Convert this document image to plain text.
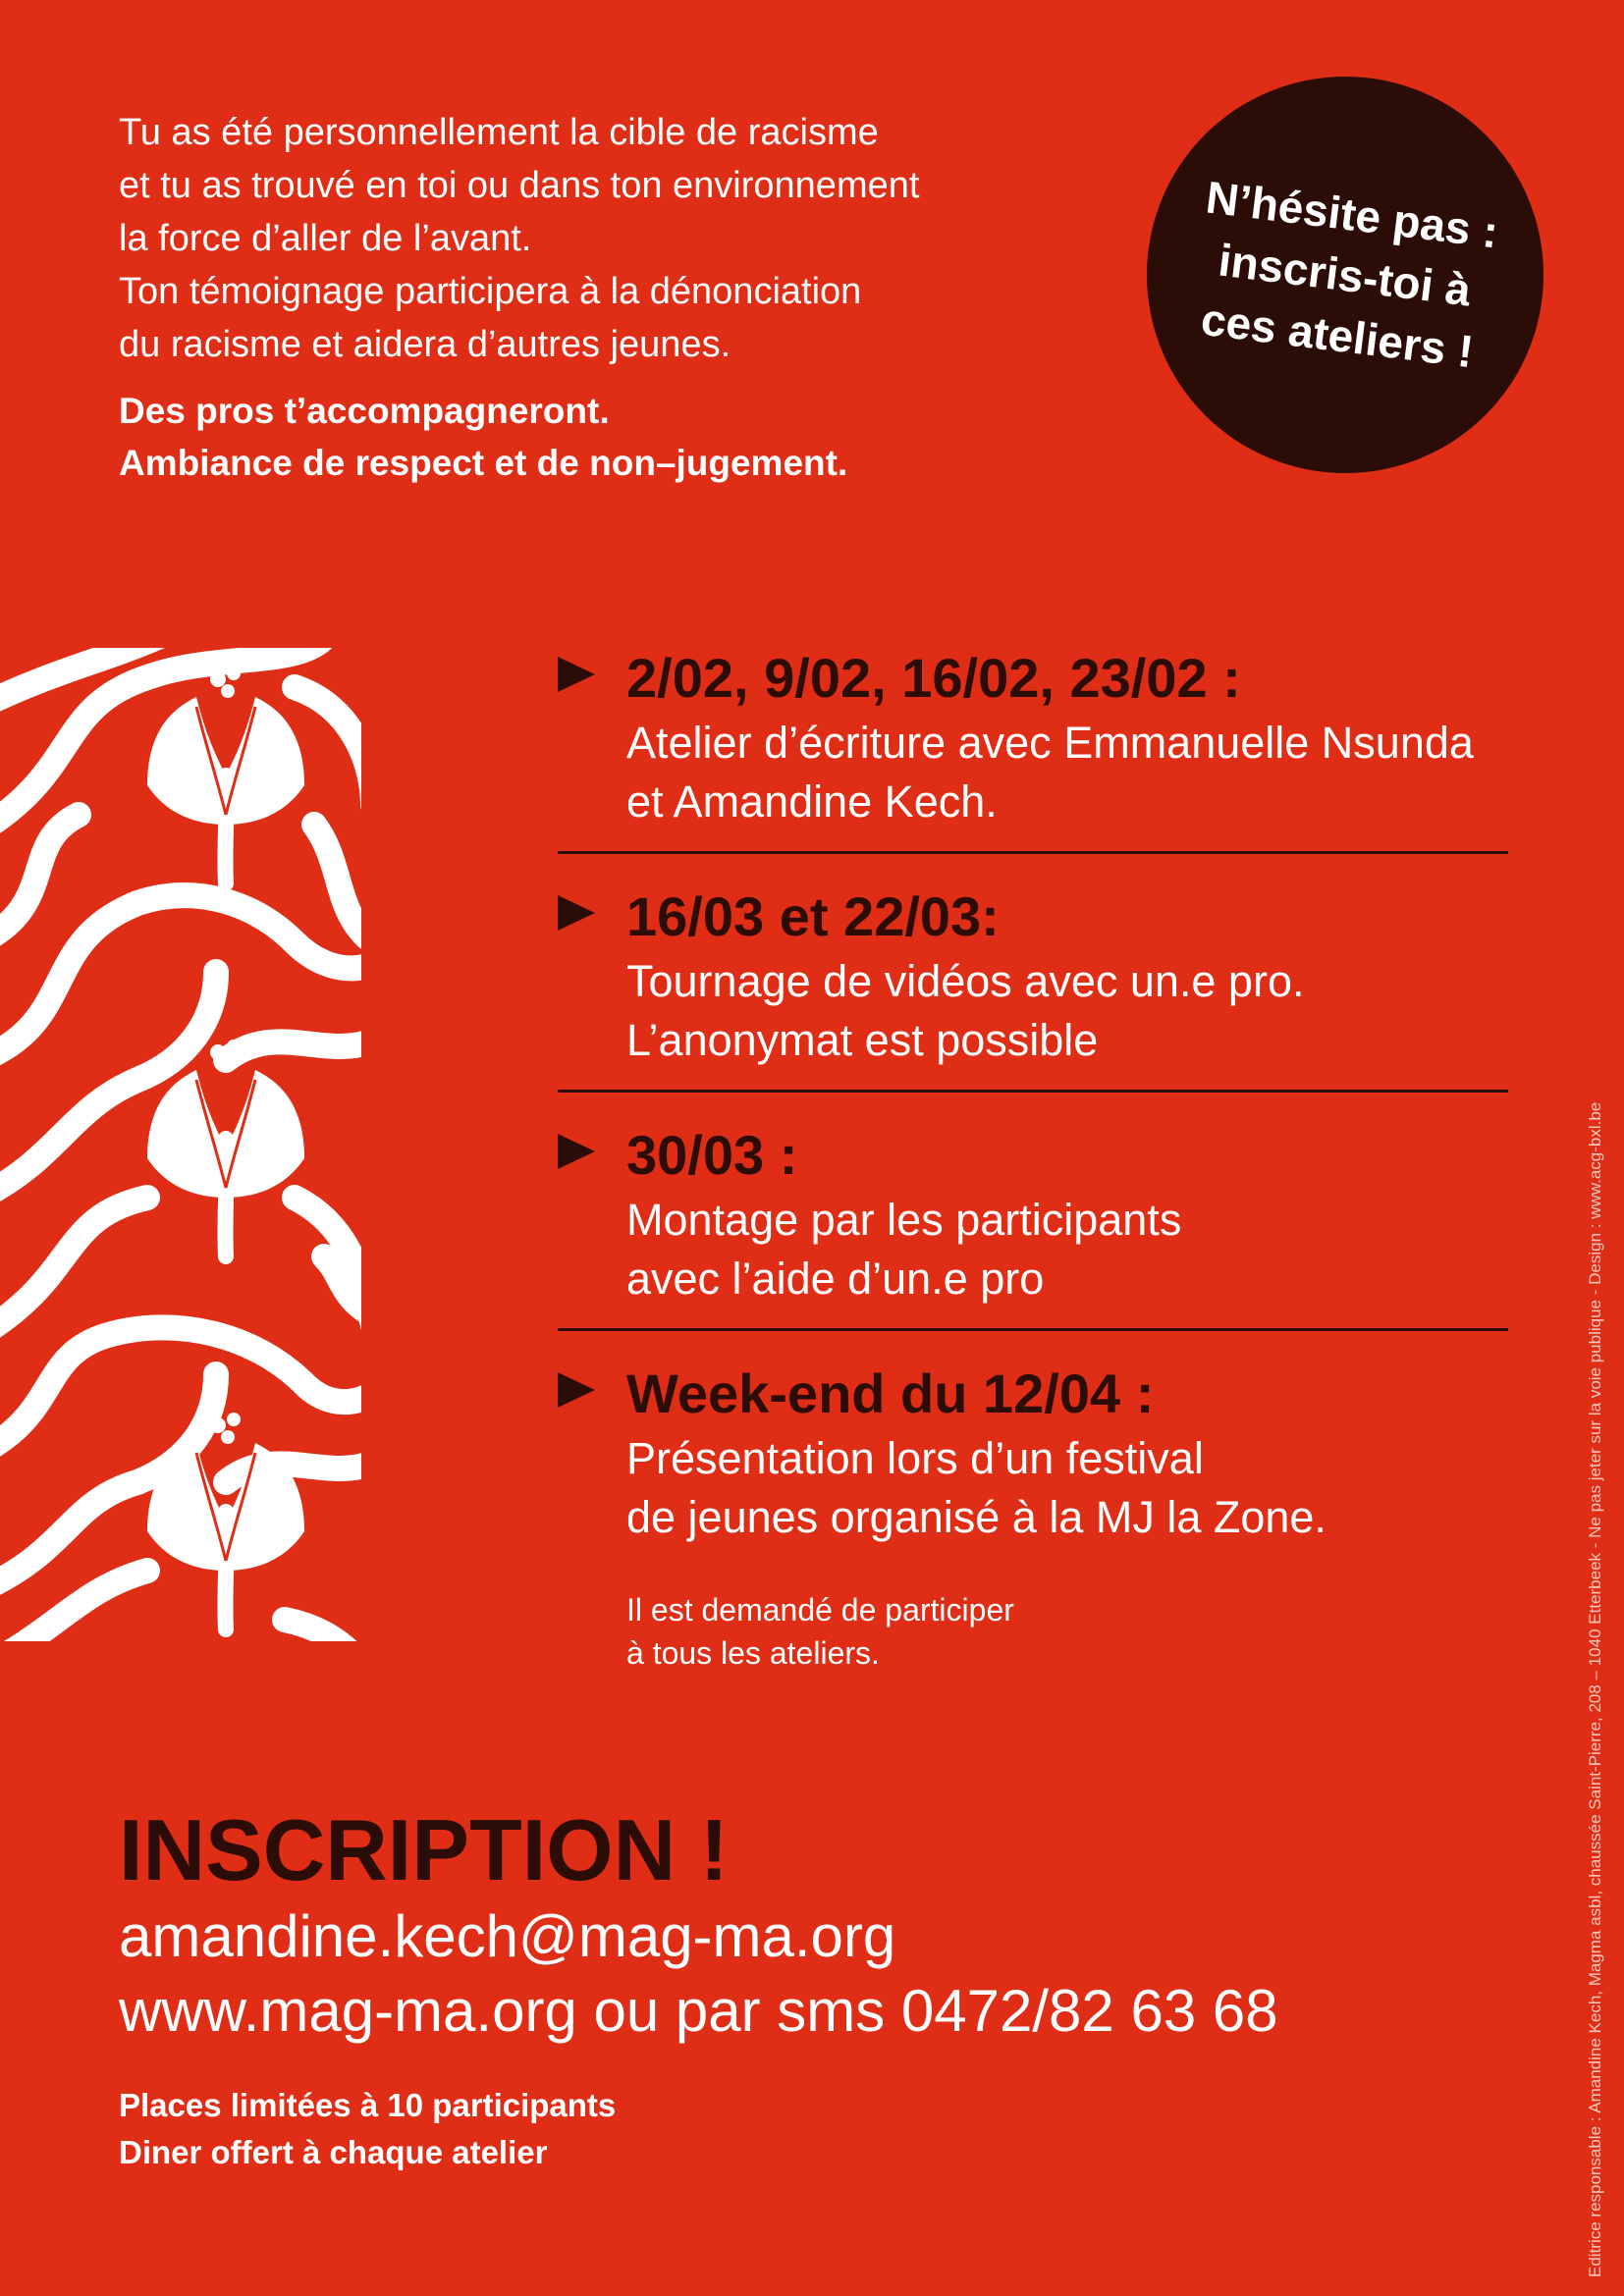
Tu as été personnellement la cible de racisme

et tu as trouvé en toi ou dans ton environnement

la force d’aller de l’avant.

Ton témoignage participera à la dénonciation

du racisme et aidera d’autres jeunes.

Des pros t’accompagneront.

Ambiance de respect et de non–jugement.

N’hésite pas :
inscris-toi à
ces ateliers !
2/02, 9/02, 16/02, 23/02 :
Atelier d’écriture avec Emmanuelle Nsunda
et Amandine Kech.
16/03 et 22/03:
Tournage de vidéos avec un.e pro.
L’anonymat est possible
30/03 :
Montage par les participants
avec l’aide d’un.e pro
Week-end du 12/04 :
Présentation lors d’un festival
de jeunes organisé à la MJ la Zone.
Il est demandé de participer
à tous les ateliers.
INSCRIPTION !
amandine.kech@mag-ma.org
www.mag-ma.org ou par sms 0472/82 63 68
Places limitées à 10 participants
Diner offert à chaque atelier	Editrice responsable : Amandine Kech, Magma asbl, chaussée Saint-Pierre, 208 – 1040 Etterbeek - Ne pas jeter sur la voie publique - Design : www.acg-bxl.be
